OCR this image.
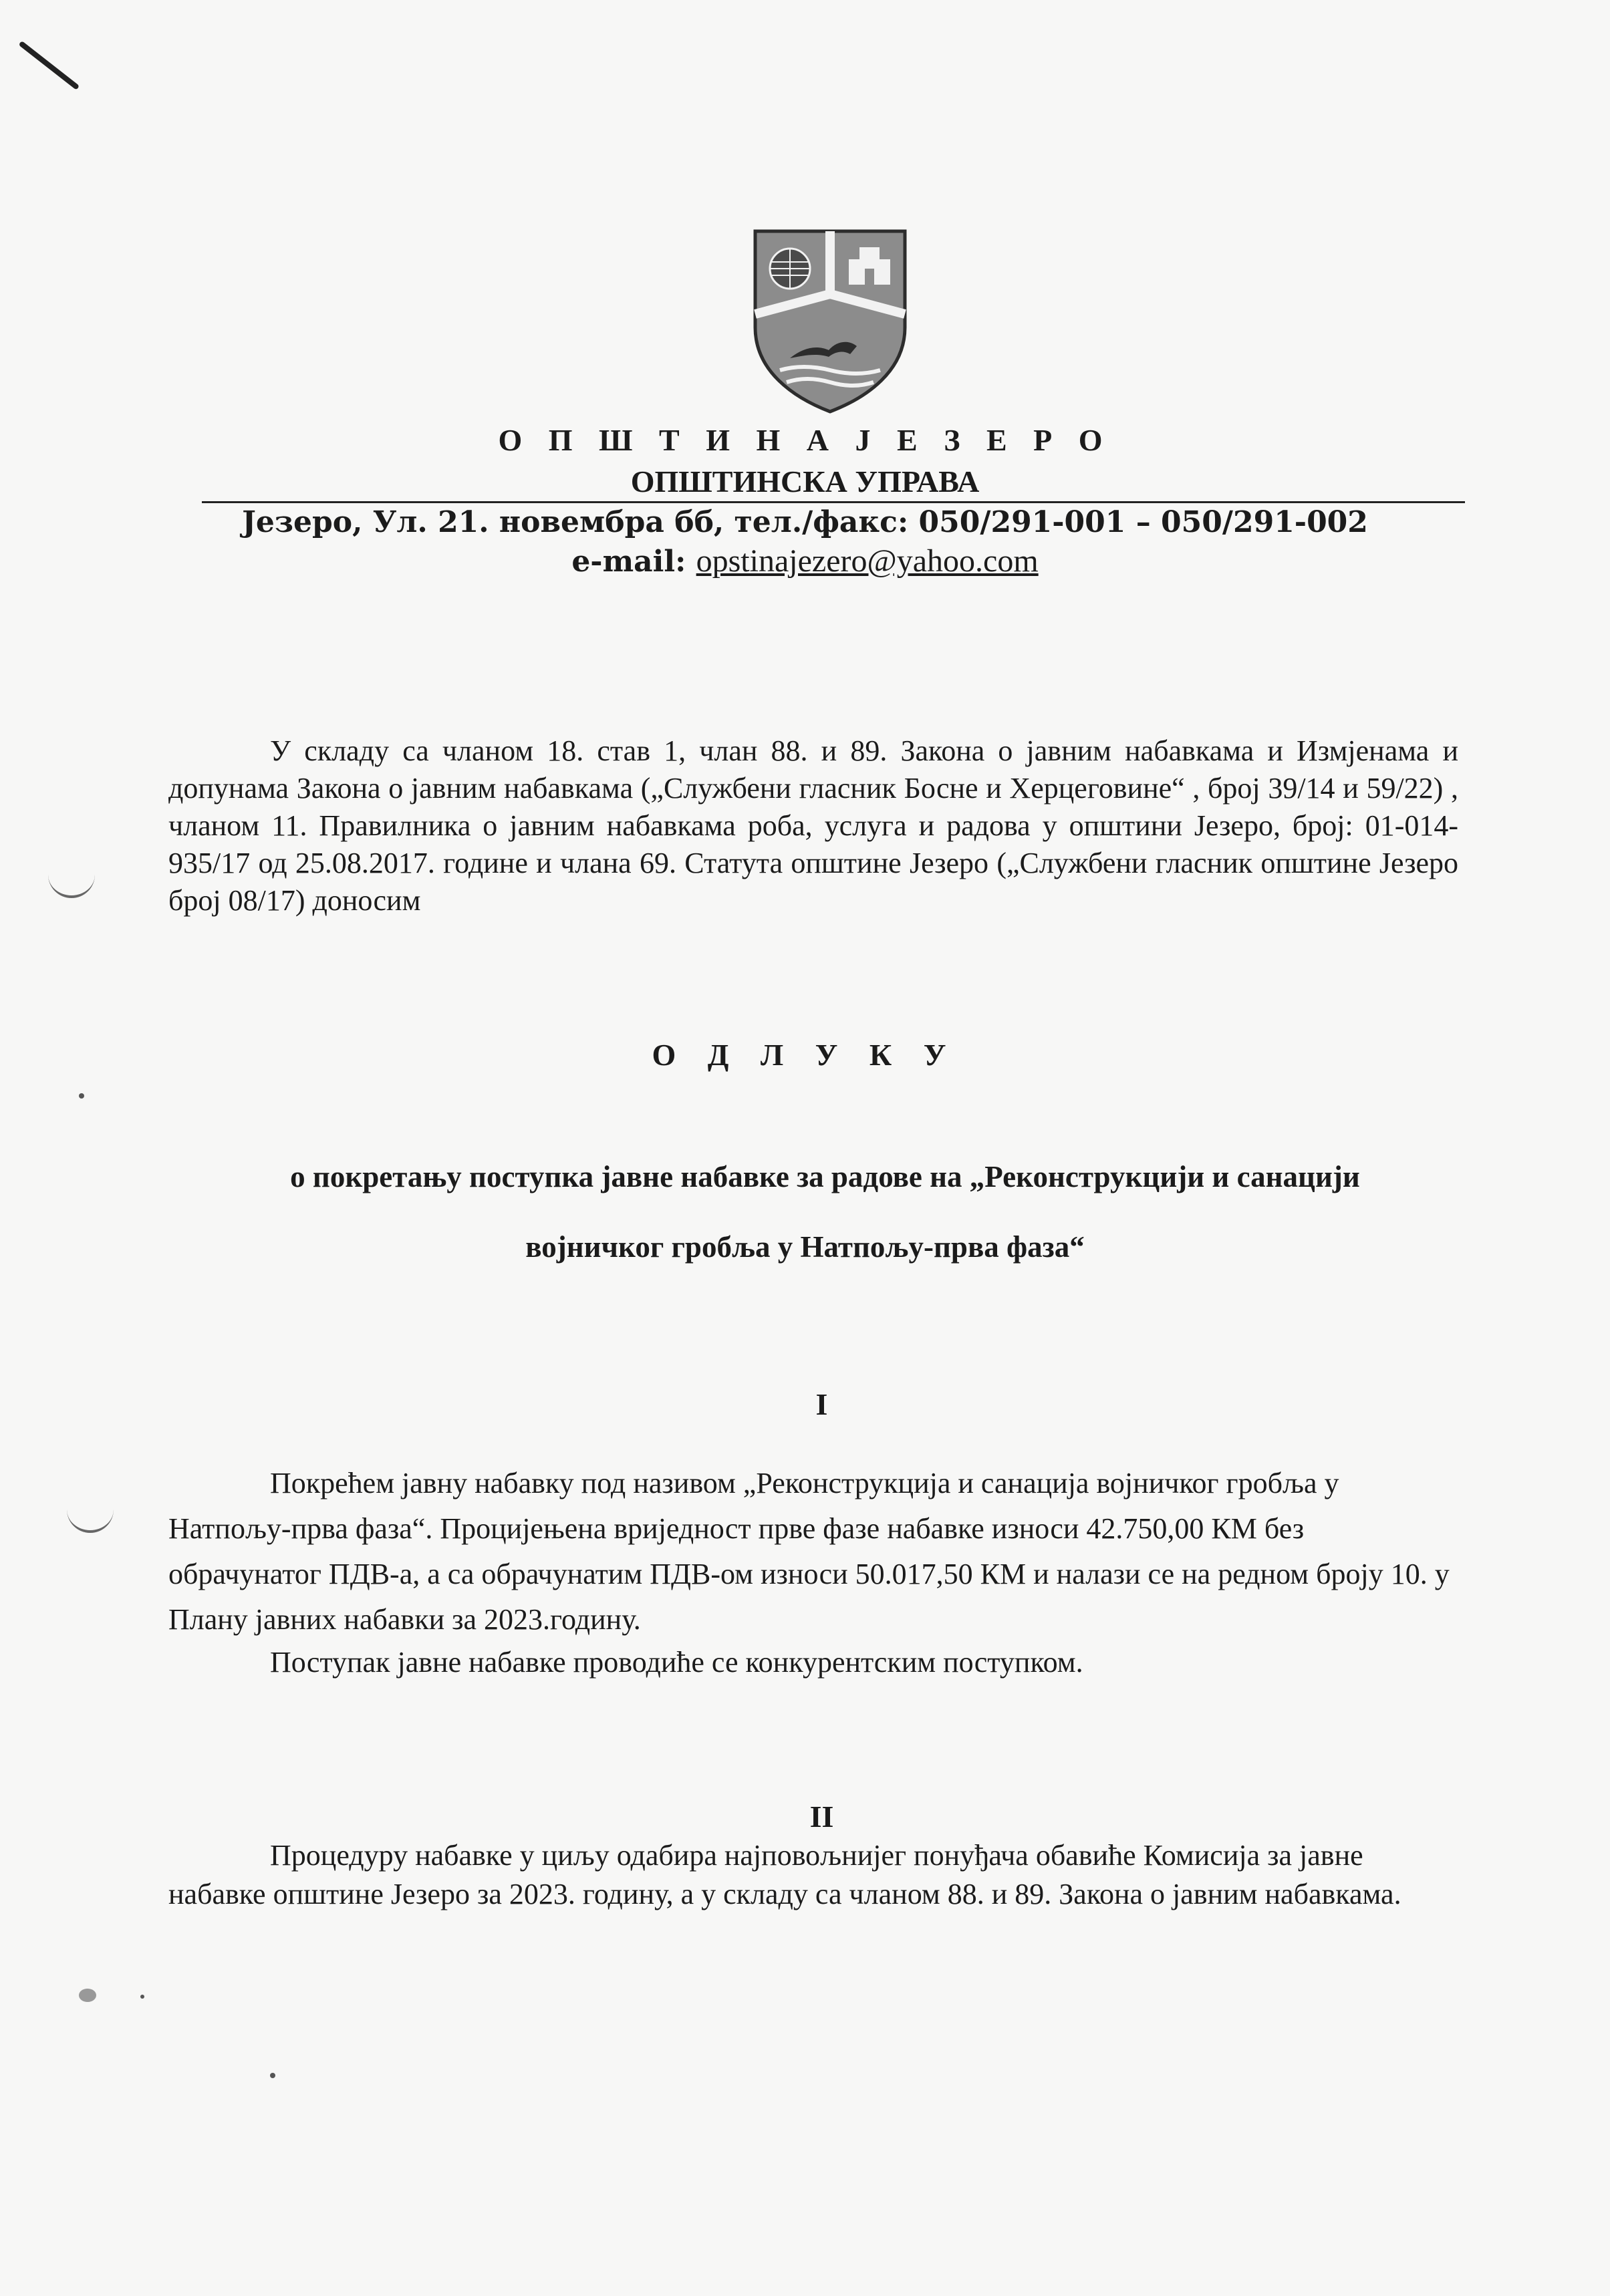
О П Ш Т И Н А Ј Е З Е Р О
ОПШТИНСКА УПРАВА
Језеро, Ул. 21. новембра бб, тел./факс: 050/291-001 – 050/291-002
e-mail: opstinajezero@yahoo.com
У складу са чланом 18. став 1, члан 88. и 89. Закона о јавним набавкама и Измјенама и допунама Закона о јавним набавкама („Службени гласник Босне и Херцеговине“ , број 39/14 и 59/22) , чланом 11. Правилника о јавним набавкама роба, услуга и радова у општини Језеро, број: 01-014-935/17 од 25.08.2017. године и члана 69. Статута општине Језеро („Службени гласник општине Језеро број 08/17) доносим
О Д Л У К У
о покретању поступка јавне набавке за радове на „Реконструкцији и санацији
војничког гробља у Натпољу-прва фаза“
I
Покрећем јавну набавку под називом „Реконструкција и санација војничког гробља у Натпољу-прва фаза“. Процијењена вриједност прве фазе набавке износи 42.750,00 КМ без обрачунатог ПДВ-а, а са обрачунатим ПДВ-ом износи 50.017,50 КМ и налази се на редном броју 10. у Плану јавних набавки за 2023.годину.
Поступак јавне набавке проводиће се конкурентским поступком.
II
Процедуру набавке у циљу одабира најповољнијег понуђача обавиће Комисија за јавне набавке општине Језеро за 2023. годину, а у складу са чланом 88. и 89. Закона о јавним набавкама.
